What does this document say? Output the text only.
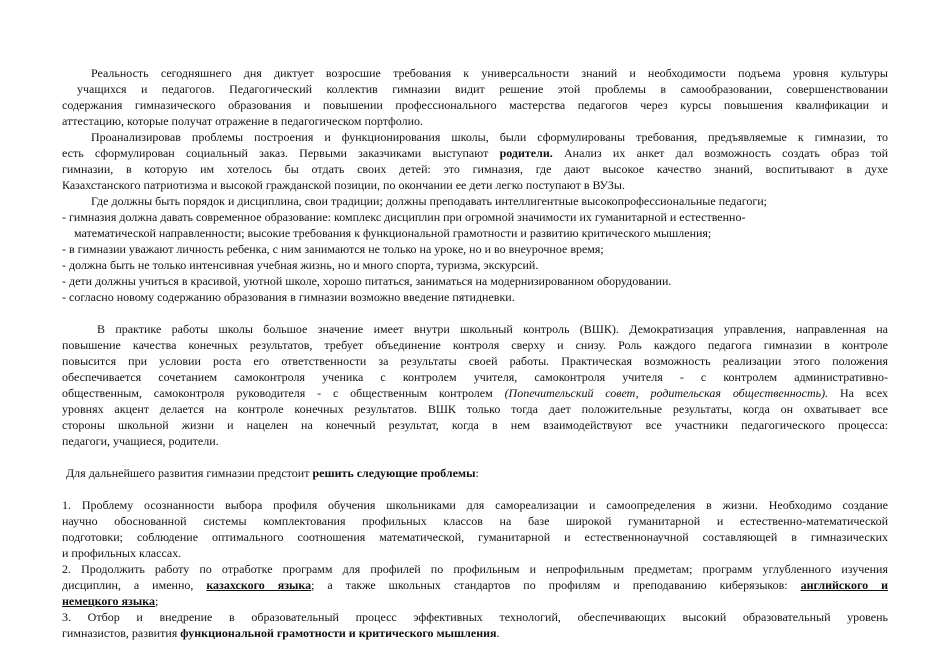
Реальность сегодняшнего дня диктует возросшие требования к универсальности знаний и необходимости подъема уровня культуры
учащихся и педагогов. Педагогический коллектив гимназии видит решение этой проблемы в самообразовании, совершенствовании
содержания гимназического образования и повышении профессионального мастерства педагогов через курсы повышения квалификации и
аттестацию, которые получат отражение в педагогическом портфолио.
Проанализировав проблемы построения и функционирования школы, были сформулированы требования, предъявляемые к гимназии, то
есть сформулирован социальный заказ. Первыми заказчиками выступают родители. Анализ их анкет дал возможность создать образ той
гимназии, в которую им хотелось бы отдать своих детей: это гимназия, где дают высокое качество знаний, воспитывают в духе
Казахстанского патриотизма и высокой гражданской позиции, по окончании ее дети легко поступают в ВУЗы.
Где должны быть порядок и дисциплина, свои традиции; должны преподавать интеллигентные высокопрофессиональные педагоги;
- гимназия должна давать современное образование: комплекс дисциплин при огромной значимости их гуманитарной и естественно-
математической направленности; высокие требования к функциональной грамотности и развитию критического мышления;
- в гимназии уважают личность ребенка, с ним занимаются не только на уроке, но и во внеурочное время;
- должна быть не только интенсивная учебная жизнь, но и много спорта, туризма, экскурсий.
- дети должны учиться в красивой, уютной школе, хорошо питаться, заниматься на модернизированном оборудовании.
- согласно новому содержанию образования в гимназии возможно введение пятидневки.
В практике работы школы большое значение имеет внутри школьный контроль (ВШК). Демократизация управления, направленная на
повышение качества конечных результатов, требует объединение контроля сверху и снизу. Роль каждого педагога гимназии в контроле
повысится при условии роста его ответственности за результаты своей работы. Практическая возможность реализации этого положения
обеспечивается сочетанием самоконтроля ученика с контролем учителя, самоконтроля учителя - с контролем административно-
общественным, самоконтроля руководителя - с общественным контролем (Попечительский совет, родительская общественность). На всех
уровнях акцент делается на контроле конечных результатов. ВШК только тогда дает положительные результаты, когда он охватывает все
стороны школьной жизни и нацелен на конечный результат, когда в нем взаимодействуют все участники педагогического процесса:
педагоги, учащиеся, родители.
Для дальнейшего развития гимназии предстоит решить следующие проблемы:
1. Проблему осознанности выбора профиля обучения школьниками для самореализации и самоопределения в жизни. Необходимо создание
научно обоснованной системы комплектования профильных классов на базе широкой гуманитарной и естественно-математической
подготовки; соблюдение оптимального соотношения математической, гуманитарной и естественнонаучной составляющей в гимназических
и профильных классах.
2. Продолжить работу по отработке программ для профилей по профильным и непрофильным предметам; программ углубленного изучения
дисциплин, а именно, казахского языка; а также школьных стандартов по профилям и преподаванию киберязыков: английского и
немецкого языка;
3. Отбор и внедрение в образовательный процесс эффективных технологий, обеспечивающих высокий образовательный уровень
гимназистов, развития функциональной грамотности и критического мышления.
